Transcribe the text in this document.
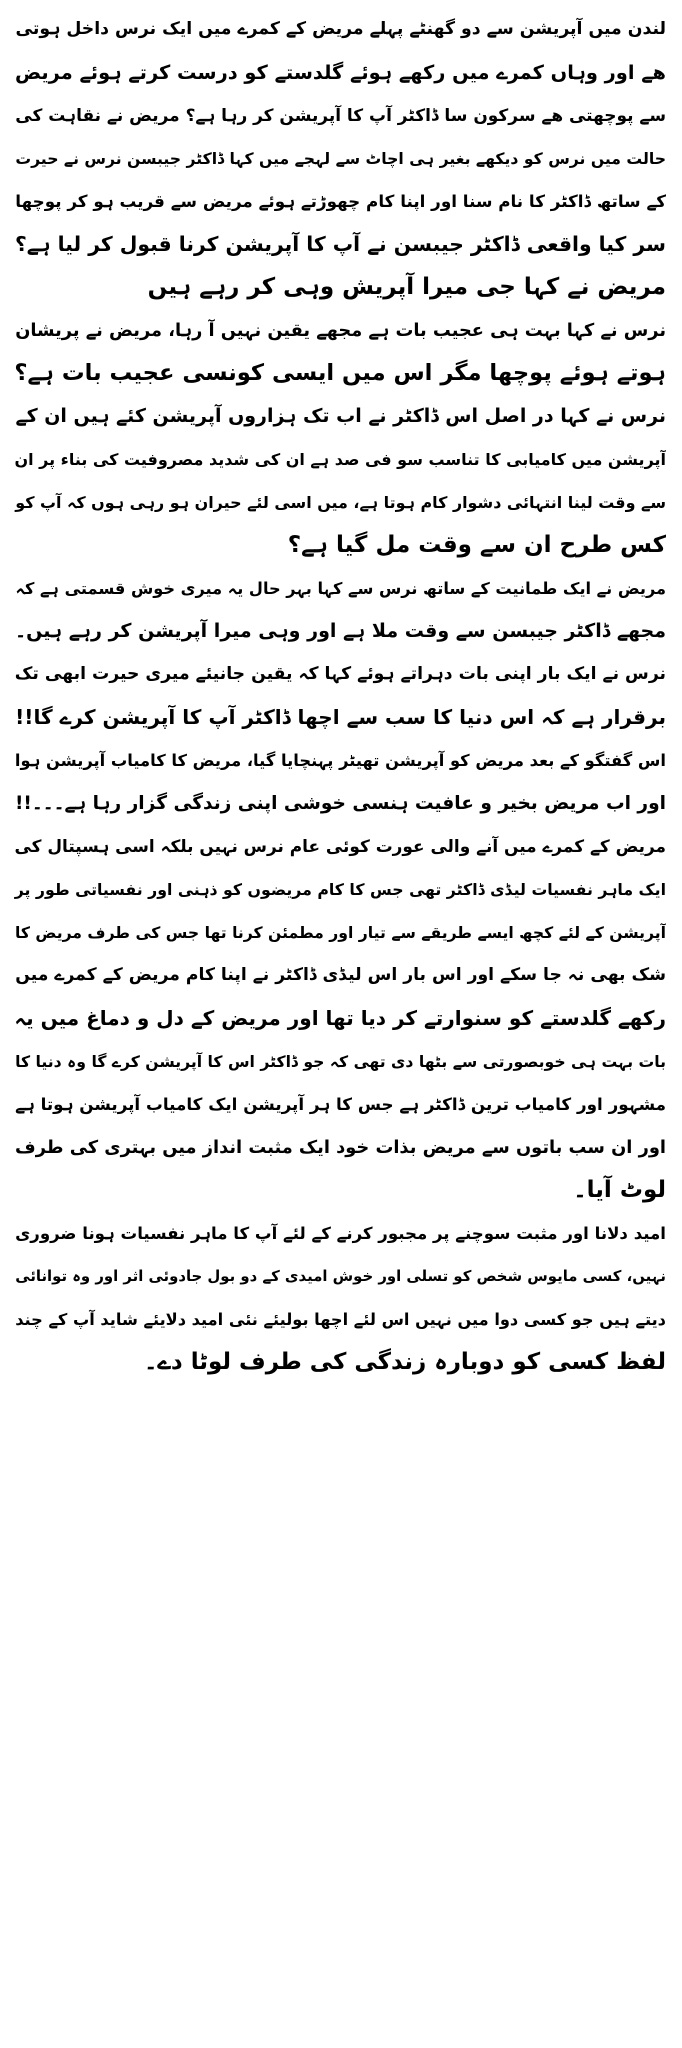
لندن میں آپریشن سے دو گھنٹے پہلے مریض کے کمرے میں ایک نرس داخل ہوتی
ھے اور وہاں کمرے میں رکھے ہوئے گلدستے کو درست کرتے ہوئے مریض
سے پوچھتی ھے سرکون سا ڈاکٹر آپ کا آپریشن کر رہا ہے؟ مریض نے نقاہت کی
حالت میں نرس کو دیکھے بغیر ہی اچاٹ سے لہجے میں کہا ڈاکٹر جیبسن نرس نے حیرت
کے ساتھ ڈاکٹر کا نام سنا اور اپنا کام چھوڑتے ہوئے مریض سے قریب ہو کر پوچھا
سر کیا واقعی ڈاکٹر جیبسن نے آپ کا آپریشن کرنا قبول کر لیا ہے؟
مریض نے کہا جی میرا آپریش وہی کر رہے ہیں
نرس نے کہا بہت ہی عجیب بات ہے مجھے یقین نہیں آ رہا، مریض نے پریشان
ہوتے ہوئے پوچھا مگر اس میں ایسی کونسی عجیب بات ہے؟
نرس نے کہا در اصل اس ڈاکٹر نے اب تک ہزاروں آپریشن کئے ہیں ان کے
آپریشن میں کامیابی کا تناسب سو فی صد ہے ان کی شدید مصروفیت کی بناء پر ان
سے وقت لینا انتہائی دشوار کام ہوتا ہے، میں اسی لئے حیران ہو رہی ہوں کہ آپ کو
کس طرح ان سے وقت مل گیا ہے؟
مریض نے ایک طمانیت کے ساتھ نرس سے کہا بہر حال یہ میری خوش قسمتی ہے کہ
مجھے ڈاکٹر جیبسن سے وقت ملا ہے اور وہی میرا آپریشن کر رہے ہیں۔
نرس نے ایک بار اپنی بات دہراتے ہوئے کہا کہ یقین جانیئے میری حیرت ابھی تک
برقرار ہے کہ اس دنیا کا سب سے اچھا ڈاکٹر آپ کا آپریشن کرے گا!!
اس گفتگو کے بعد مریض کو آپریشن تھیٹر پہنچایا گیا، مریض کا کامیاب آپریشن ہوا
اور اب مریض بخیر و عافیت ہنسی خوشی اپنی زندگی گزار رہا ہے۔۔۔!!
مریض کے کمرے میں آنے والی عورت کوئی عام نرس نہیں بلکہ اسی ہسپتال کی
ایک ماہر نفسیات لیڈی ڈاکٹر تھی جس کا کام مریضوں کو ذہنی اور نفسیاتی طور پر
آپریشن کے لئے کچھ ایسے طریقے سے تیار اور مطمئن کرنا تھا جس کی طرف مریض کا
شک بھی نہ جا سکے اور اس بار اس لیڈی ڈاکٹر نے اپنا کام مریض کے کمرے میں
رکھے گلدستے کو سنوارتے کر دیا تھا اور مریض کے دل و دماغ میں یہ
بات بہت ہی خوبصورتی سے بٹھا دی تھی کہ جو ڈاکٹر اس کا آپریشن کرے گا وہ دنیا کا
مشہور اور کامیاب ترین ڈاکٹر ہے جس کا ہر آپریشن ایک کامیاب آپریشن ہوتا ہے
اور ان سب باتوں سے مریض بذات خود ایک مثبت انداز میں بہتری کی طرف
لوٹ آیا۔
امید دلانا اور مثبت سوچنے پر مجبور کرنے کے لئے آپ کا ماہر نفسیات ہونا ضروری
نہیں، کسی مایوس شخص کو تسلی اور خوش امیدی کے دو بول جادوئی اثر اور وہ توانائی
دیتے ہیں جو کسی دوا میں نہیں اس لئے اچھا بولیئے نئی امید دلایئے شاید آپ کے چند
لفظ کسی کو دوبارہ زندگی کی طرف لوٹا دے۔
